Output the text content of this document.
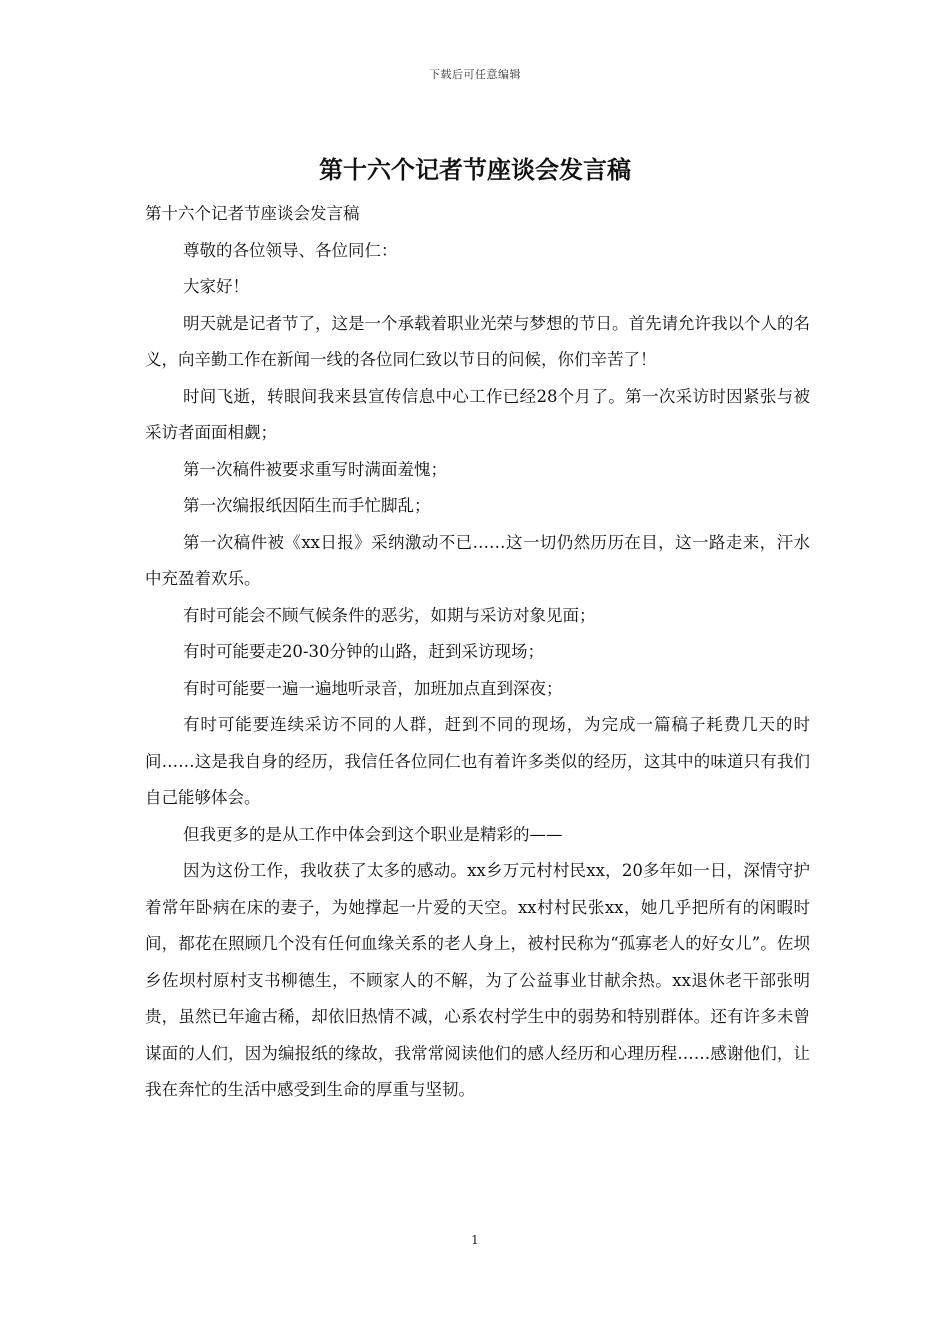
下载后可任意编辑
第十六个记者节座谈会发言稿

第十六个记者节座谈会发言稿

尊敬的各位领导、各位同仁：

大家好！

明天就是记者节了，这是一个承载着职业光荣与梦想的节日。首先请允许我以个人的名义，向辛勤工作在新闻一线的各位同仁致以节日的问候，你们辛苦了！

时间飞逝，转眼间我来县宣传信息中心工作已经28个月了。第一次采访时因紧张与被采访者面面相觑；

第一次稿件被要求重写时满面羞愧；

第一次编报纸因陌生而手忙脚乱；

第一次稿件被《xx日报》采纳激动不已……这一切仍然历历在目，这一路走来，汗水中充盈着欢乐。

有时可能会不顾气候条件的恶劣，如期与采访对象见面；

有时可能要走20-30分钟的山路，赶到采访现场；

有时可能要一遍一遍地听录音，加班加点直到深夜；

有时可能要连续采访不同的人群，赶到不同的现场，为完成一篇稿子耗费几天的时间……这是我自身的经历，我信任各位同仁也有着许多类似的经历，这其中的味道只有我们自己能够体会。

但我更多的是从工作中体会到这个职业是精彩的——

因为这份工作，我收获了太多的感动。xx乡万元村村民xx，20多年如一日，深情守护着常年卧病在床的妻子，为她撑起一片爱的天空。xx村村民张xx，她几乎把所有的闲暇时间，都花在照顾几个没有任何血缘关系的老人身上，被村民称为“孤寡老人的好女儿”。佐坝乡佐坝村原村支书柳德生，不顾家人的不解，为了公益事业甘献余热。xx退休老干部张明贵，虽然已年逾古稀，却依旧热情不减，心系农村学生中的弱势和特别群体。还有许多未曾谋面的人们，因为编报纸的缘故，我常常阅读他们的感人经历和心理历程……感谢他们，让我在奔忙的生活中感受到生命的厚重与坚韧。

1
